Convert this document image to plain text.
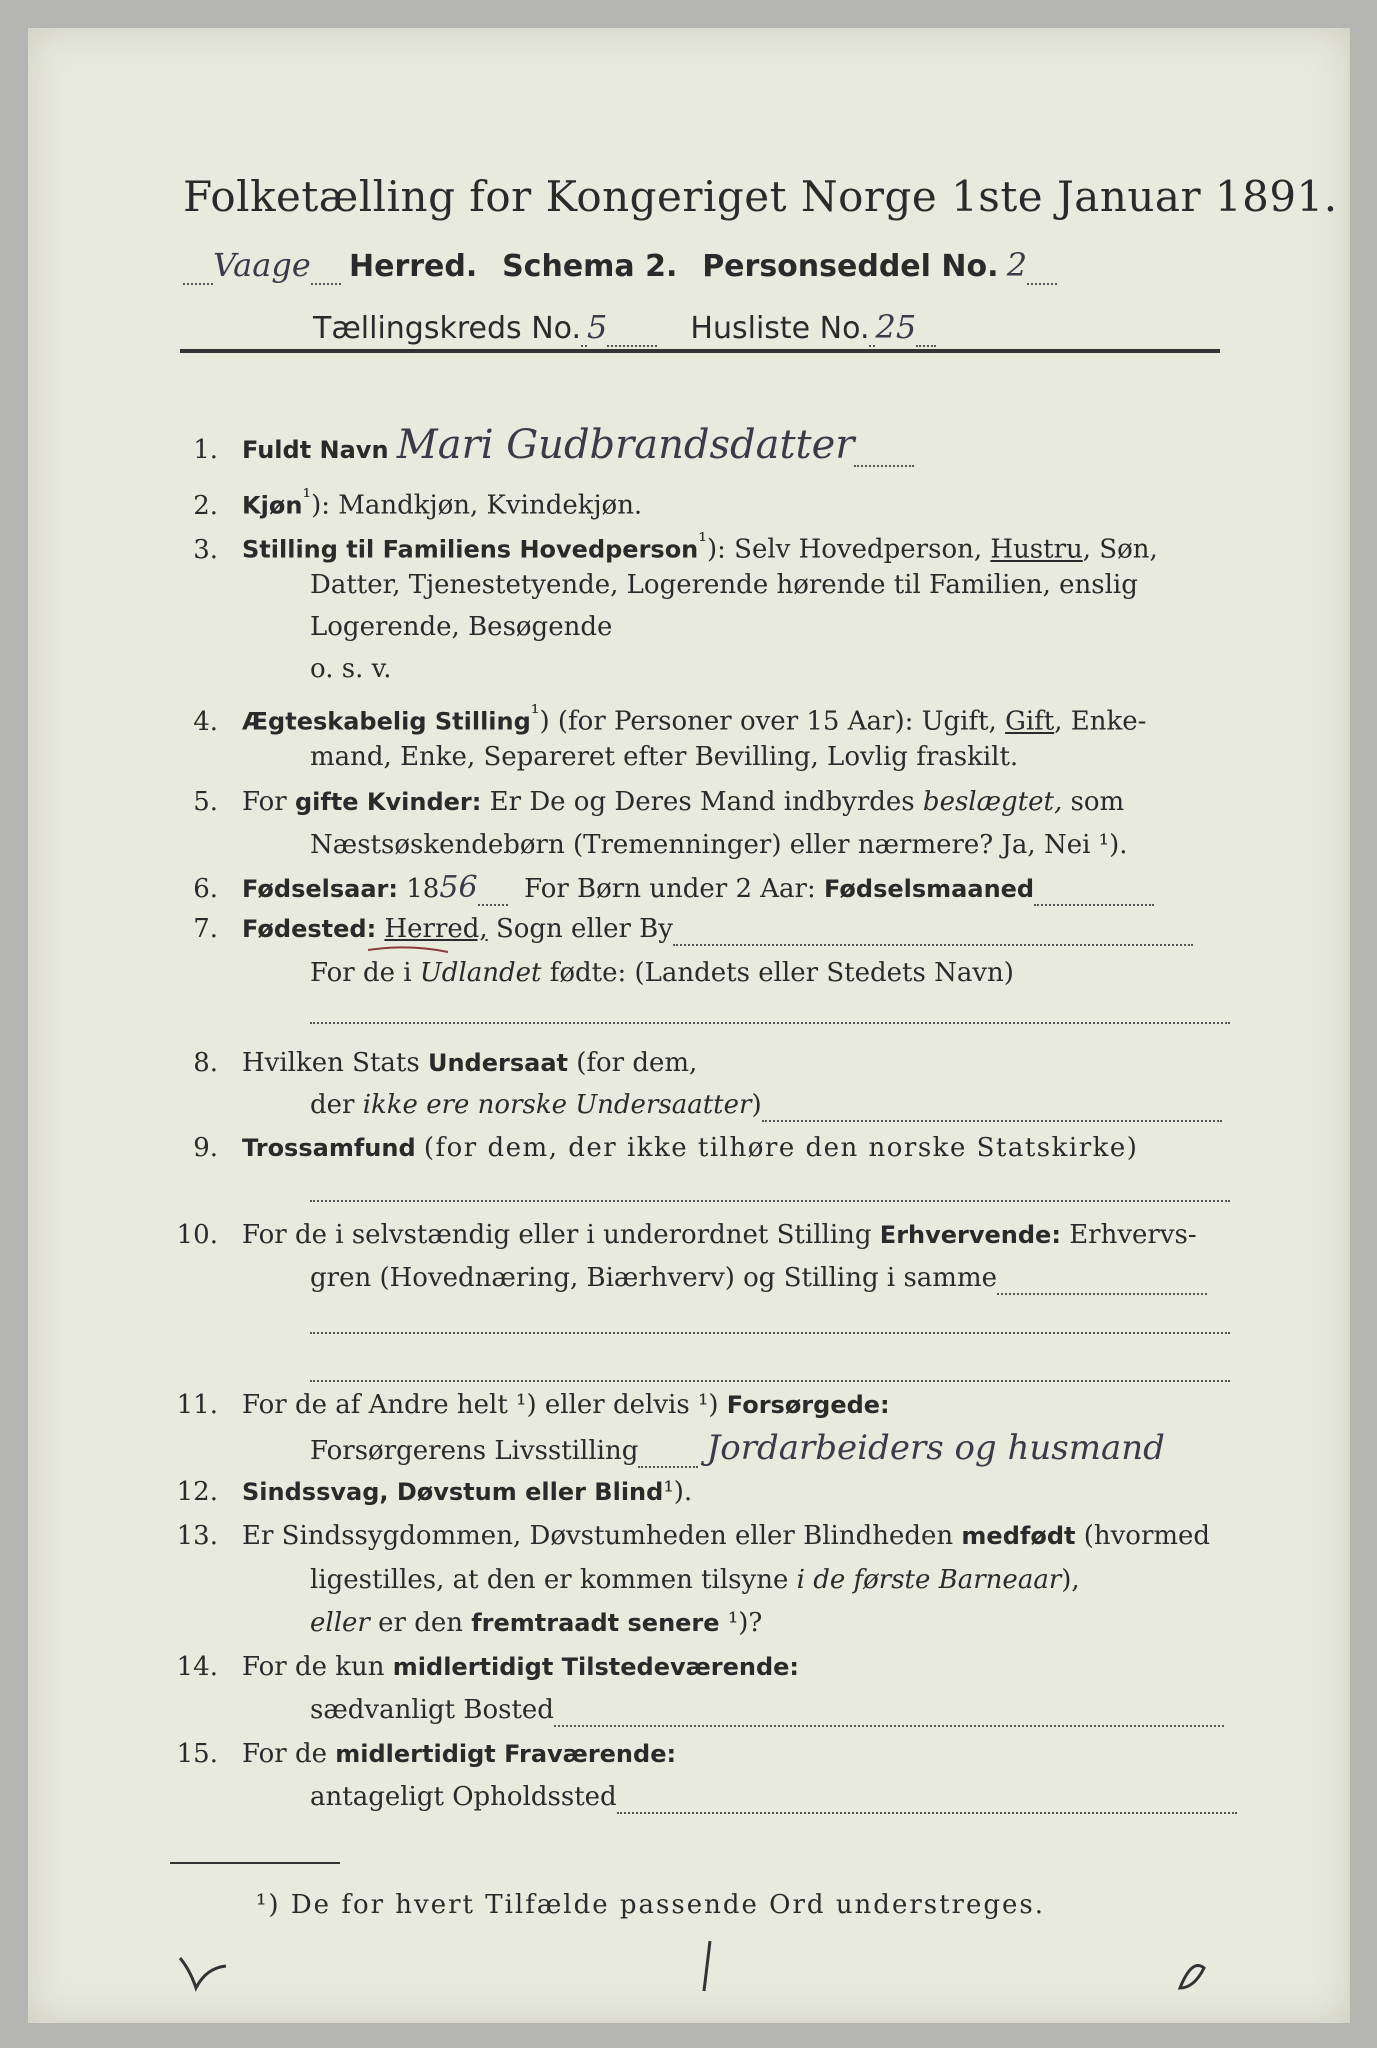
Folketælling for Kongeriget Norge 1ste Januar 1891.
Vaage Herred. Schema 2. Personseddel No. 2
Tællingskreds No. 5	Husliste No. 25
1. Fuldt Navn Mari Gudbrandsdatter
2. Kjøn$^{^1}$): Mandkjøn, Kvindekjøn.
3. Stilling til Familiens Hovedperson$^{^1}$): Selv Hovedperson, Hustru, Søn,
Datter, Tjenestetyende, Logerende hørende til Familien, enslig
Logerende, Besøgende
o. s. v.
4. Ægteskabelig Stilling$^{^1}$) (for Personer over 15 Aar): Ugift, Gift, Enke-
mand, Enke, Separeret efter Bevilling, Lovlig fraskilt.
5. For gifte Kvinder: Er De og Deres Mand indbyrdes beslægtet, som
Næstsøskendebørn (Tremenninger) eller nærmere? Ja, Nei ¹).
6. Fødselsaar: 1856 For Børn under 2 Aar: Fødselsmaaned
7. Fødested: Herred, Sogn eller By
For de i Udlandet fødte: (Landets eller Stedets Navn)
8. Hvilken Stats Undersaat (for dem,
der ikke ere norske Undersaatter)
9. Trossamfund (for dem, der ikke tilhøre den norske Statskirke)
10. For de i selvstændig eller i underordnet Stilling Erhvervende: Erhvervs-
gren (Hovednæring, Biærhverv) og Stilling i samme
11. For de af Andre helt ¹) eller delvis ¹) Forsørgede:
Forsørgerens Livsstilling Jordarbeiders og husmand
12. Sindssvag, Døvstum eller Blind¹).
13. Er Sindssygdommen, Døvstumheden eller Blindheden medfødt (hvormed
ligestilles, at den er kommen tilsyne i de første Barneaar),
eller er den fremtraadt senere ¹)?
14. For de kun midlertidigt Tilstedeværende:
sædvanligt Bosted
15. For de midlertidigt Fraværende:
antageligt Opholdssted
¹) De for hvert Tilfælde passende Ord understreges.
